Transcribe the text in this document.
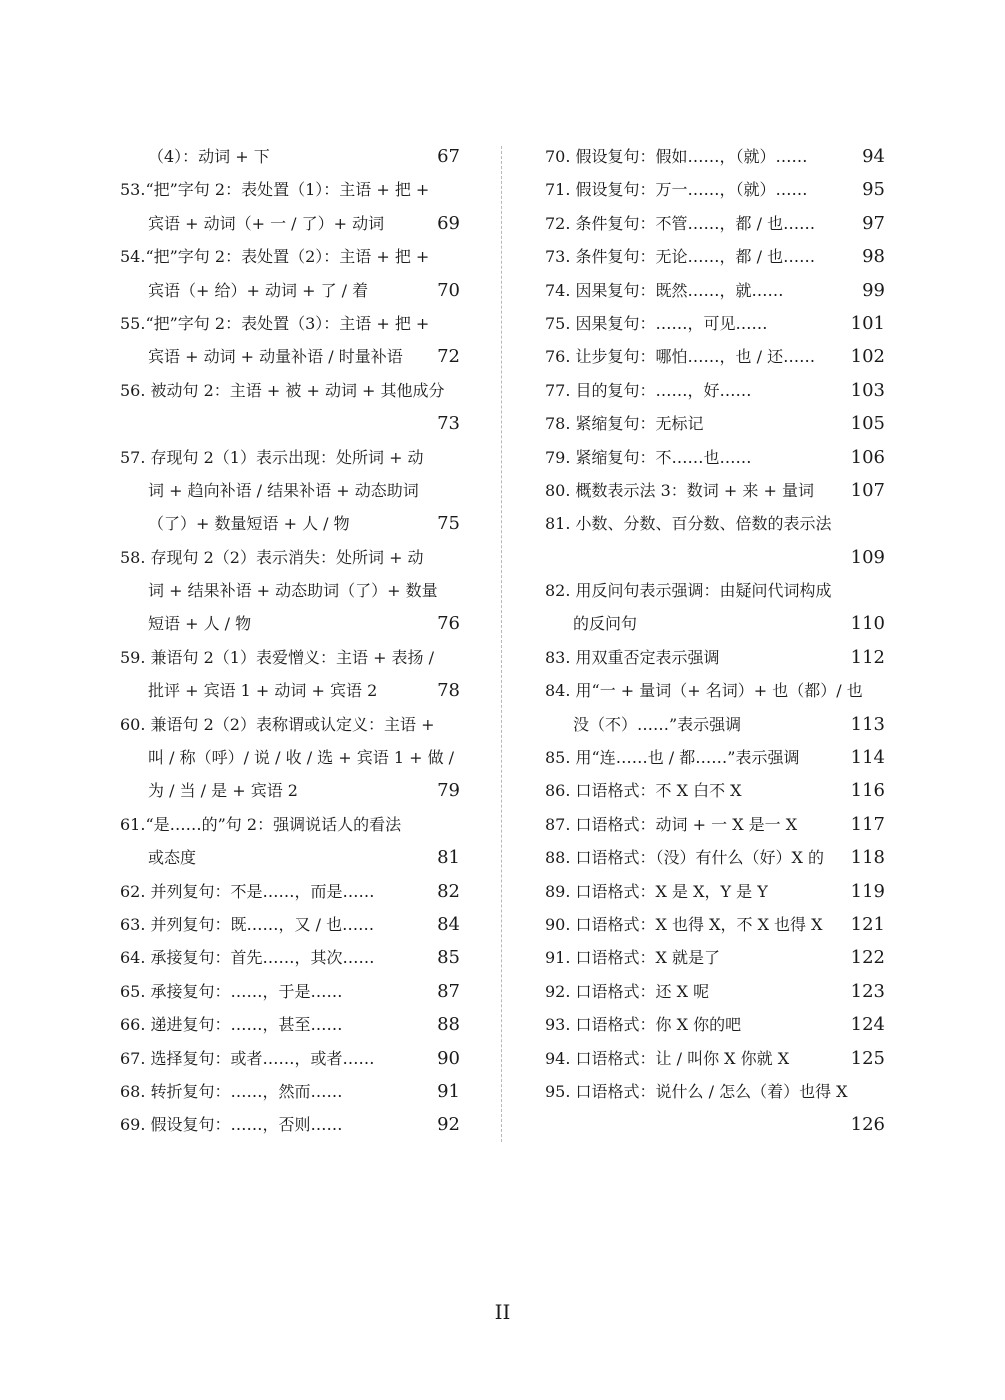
（4）：动词 + 下	67
53.“把”字句 2：表处置（1）：主语 + 把 +
宾语 + 动词（+ 一 / 了）+ 动词	69
54.“把”字句 2：表处置（2）：主语 + 把 +
宾语（+ 给）+ 动词 + 了 / 着	70
55.“把”字句 2：表处置（3）：主语 + 把 +
宾语 + 动词 + 动量补语 / 时量补语 72
56. 被动句 2：主语 + 被 + 动词 + 其他成分
73
57. 存现句 2（1）表示出现：处所词 + 动
词 + 趋向补语 / 结果补语 + 动态助词
（了）+ 数量短语 + 人 / 物	75
58. 存现句 2（2）表示消失：处所词 + 动
词 + 结果补语 + 动态助词（了）+ 数量
短语 + 人 / 物	76
59. 兼语句 2（1）表爱憎义：主语 + 表扬 /
批评 + 宾语 1 + 动词 + 宾语 2	78
60. 兼语句 2（2）表称谓或认定义：主语 +
叫 / 称（呼）/ 说 / 收 / 选 + 宾语 1 + 做 /
为 / 当 / 是 + 宾语 2	79
61.“是……的”句 2：强调说话人的看法
或态度	81
62. 并列复句：不是……，而是……	82
63. 并列复句：既……，又 / 也……	84
64. 承接复句：首先……，其次……	85
65. 承接复句：……，于是……	87
66. 递进复句：……，甚至……	88
67. 选择复句：或者……，或者……	90
68. 转折复句：……，然而……	91
69. 假设复句：……，否则……	92
70. 假设复句：假如……，（就）……	94
71. 假设复句：万一……，（就）……	95
72. 条件复句：不管……，都 / 也……	97
73. 条件复句：无论……，都 / 也……	98
74. 因果复句：既然……，就……	99
75. 因果复句：……，可见……	101
76. 让步复句：哪怕……，也 / 还…… 102
77. 目的复句：……，好……	103
78. 紧缩复句：无标记	105
79. 紧缩复句：不……也……	106
80. 概数表示法 3：数词 + 来 + 量词 107
81. 小数、分数、百分数、倍数的表示法
109
82. 用反问句表示强调：由疑问代词构成
的反问句	110
83. 用双重否定表示强调	112
84. 用“一 + 量词（+ 名词）+ 也（都）/ 也
没（不）……”表示强调	113
85. 用“连……也 / 都……”表示强调	114
86. 口语格式：不 X 白不 X	116
87. 口语格式：动词 + 一 X 是一 X	117
88. 口语格式：（没）有什么（好）X 的 118
89. 口语格式：X 是 X，Y 是 Y	119
90. 口语格式：X 也得 X，不 X 也得 X 121
91. 口语格式：X 就是了	122
92. 口语格式：还 X 呢	123
93. 口语格式：你 X 你的吧	124
94. 口语格式：让 / 叫你 X 你就 X	125
95. 口语格式：说什么 / 怎么（着）也得 X
126
II
